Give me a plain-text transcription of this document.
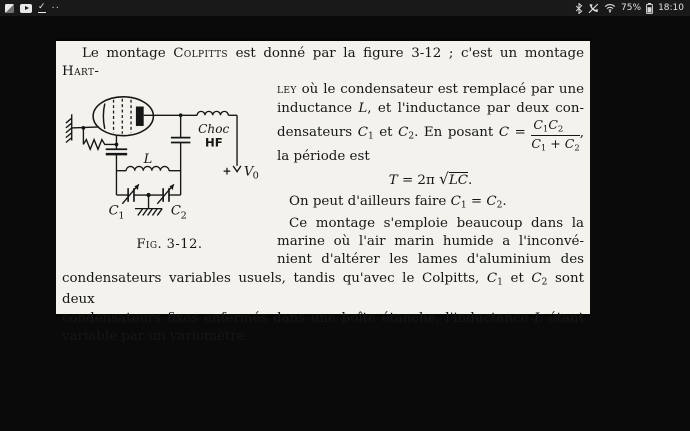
✓ ··	75% 18:10
Le montage Colpitts est donné par la figure 3-12 ; c'est un montage Hart-
Choc
HF
L
C 1	C 2
+ V 0
Fig. 3-12.
ley où le condensateur est remplacé par une
inductance L, et l'inductance par deux con-
densateurs $C_1$ et $C_2$. En posant $C = \frac{C_1C_2}{C_1 + C_2}$ ,
la période est
T = 2π √LC.
On peut d'ailleurs faire $C_1 = C_2$.
Ce montage s'emploie beaucoup dans la
marine où l'air marin humide a l'inconvé-
nient d'altérer les lames d'aluminium des
condensateurs variables usuels, tandis qu'avec le Colpitts, $C_1$ et $C_2$ sont deux
condensateurs fixes enfermés dans une boîte étanche, l'inductance L étant
variable par un variomètre.
